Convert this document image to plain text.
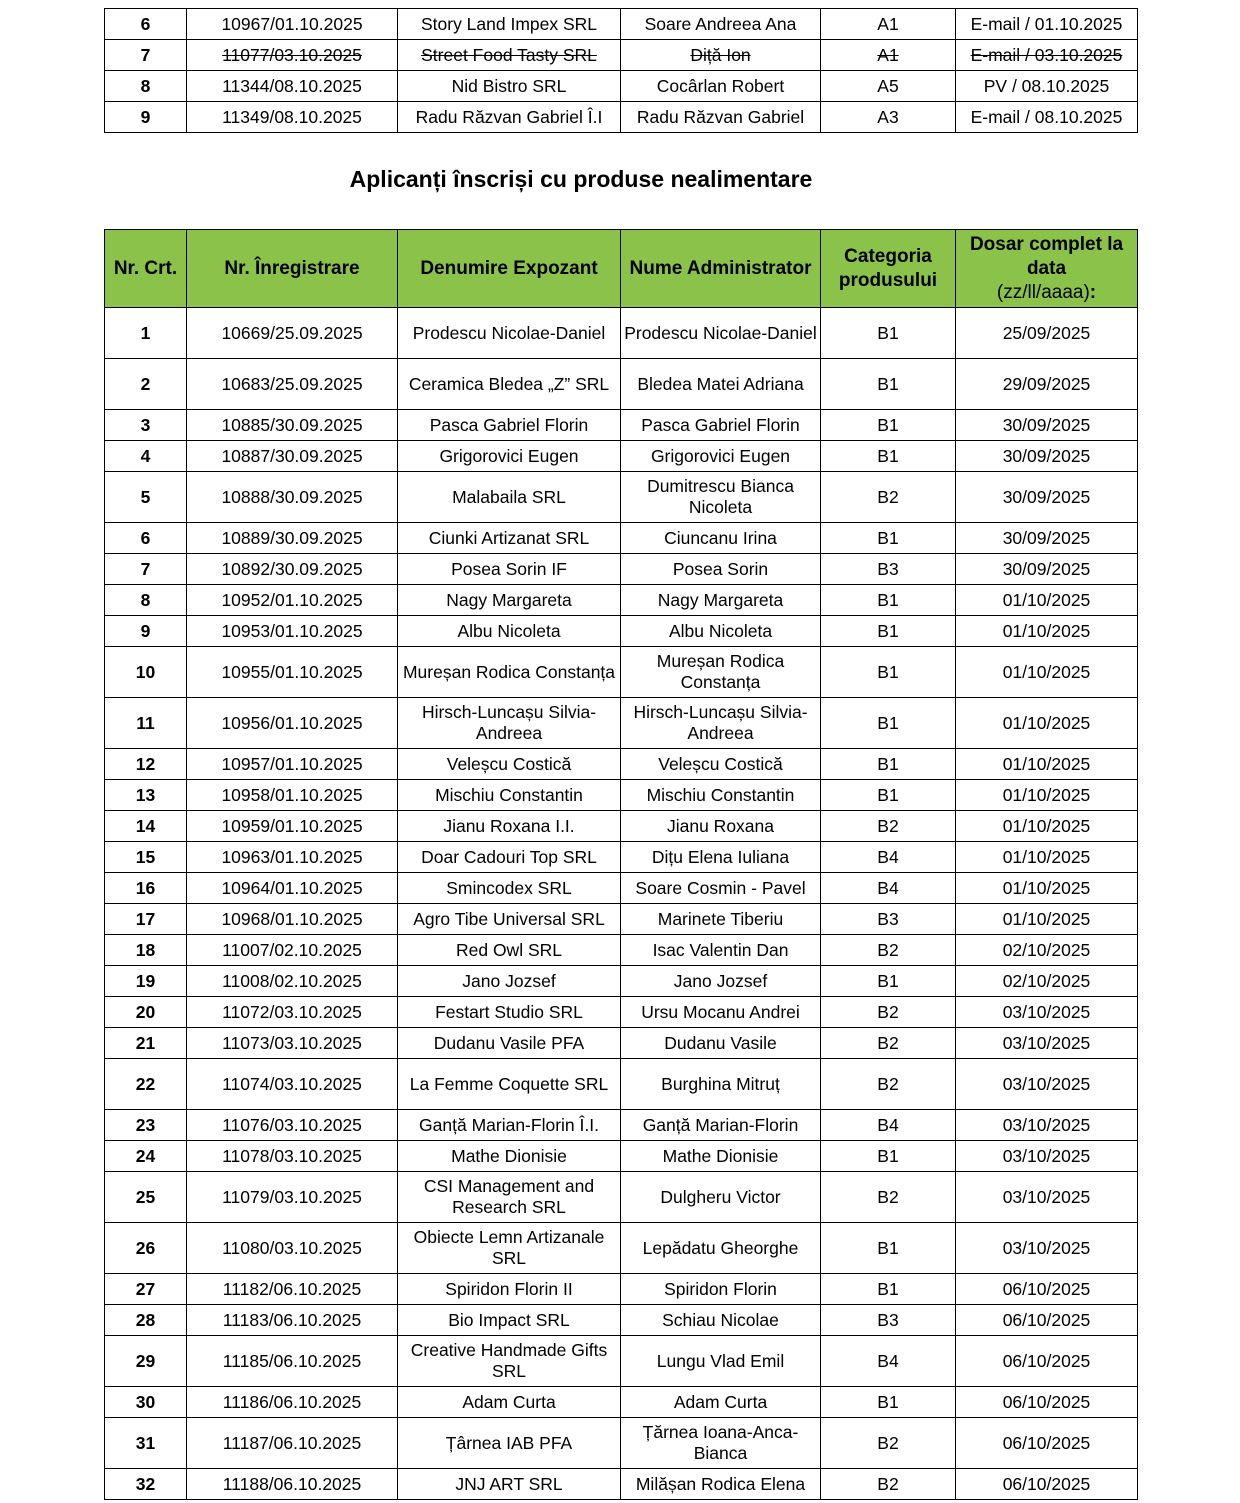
6	10967/01.10.2025	Story Land Impex SRL	Soare Andreea Ana	A1	E-mail / 01.10.2025
7	11077/03.10.2025	Street Food Tasty SRL	Diță Ion	A1	E-mail / 03.10.2025
8	11344/08.10.2025	Nid Bistro SRL	Cocârlan Robert	A5	PV / 08.10.2025
9	11349/08.10.2025	Radu Răzvan Gabriel Î.I	Radu Răzvan Gabriel	A3	E-mail / 08.10.2025
Aplicanți înscriși cu produse nealimentare
Nr. Crt.	Nr. Înregistrare	Denumire Expozant	Nume Administrator	Categoria produsului	Dosar complet la data
(zz/ll/aaaa):
1	10669/25.09.2025	Prodescu Nicolae-Daniel	Prodescu Nicolae-Daniel	B1	25/09/2025
2	10683/25.09.2025	Ceramica Bledea „Z” SRL	Bledea Matei Adriana	B1	29/09/2025
3	10885/30.09.2025	Pasca Gabriel Florin	Pasca Gabriel Florin	B1	30/09/2025
4	10887/30.09.2025	Grigorovici Eugen	Grigorovici Eugen	B1	30/09/2025
5	10888/30.09.2025	Malabaila SRL	Dumitrescu Bianca Nicoleta	B2	30/09/2025
6	10889/30.09.2025	Ciunki Artizanat SRL	Ciuncanu Irina	B1	30/09/2025
7	10892/30.09.2025	Posea Sorin IF	Posea Sorin	B3	30/09/2025
8	10952/01.10.2025	Nagy Margareta	Nagy Margareta	B1	01/10/2025
9	10953/01.10.2025	Albu Nicoleta	Albu Nicoleta	B1	01/10/2025
10	10955/01.10.2025	Mureșan Rodica Constanța	Mureșan Rodica Constanța	B1	01/10/2025
11	10956/01.10.2025	Hirsch-Luncașu Silvia-Andreea	Hirsch-Luncașu Silvia-Andreea	B1	01/10/2025
12	10957/01.10.2025	Veleșcu Costică	Veleșcu Costică	B1	01/10/2025
13	10958/01.10.2025	Mischiu Constantin	Mischiu Constantin	B1	01/10/2025
14	10959/01.10.2025	Jianu Roxana I.I.	Jianu Roxana	B2	01/10/2025
15	10963/01.10.2025	Doar Cadouri Top SRL	Dițu Elena Iuliana	B4	01/10/2025
16	10964/01.10.2025	Smincodex SRL	Soare Cosmin - Pavel	B4	01/10/2025
17	10968/01.10.2025	Agro Tibe Universal SRL	Marinete Tiberiu	B3	01/10/2025
18	11007/02.10.2025	Red Owl SRL	Isac Valentin Dan	B2	02/10/2025
19	11008/02.10.2025	Jano Jozsef	Jano Jozsef	B1	02/10/2025
20	11072/03.10.2025	Festart Studio SRL	Ursu Mocanu Andrei	B2	03/10/2025
21	11073/03.10.2025	Dudanu Vasile PFA	Dudanu Vasile	B2	03/10/2025
22	11074/03.10.2025	La Femme Coquette SRL	Burghina Mitruț	B2	03/10/2025
23	11076/03.10.2025	Ganță Marian-Florin Î.I.	Ganță Marian-Florin	B4	03/10/2025
24	11078/03.10.2025	Mathe Dionisie	Mathe Dionisie	B1	03/10/2025
25	11079/03.10.2025	CSI Management and Research SRL	Dulgheru Victor	B2	03/10/2025
26	11080/03.10.2025	Obiecte Lemn Artizanale SRL	Lepădatu Gheorghe	B1	03/10/2025
27	11182/06.10.2025	Spiridon Florin II	Spiridon Florin	B1	06/10/2025
28	11183/06.10.2025	Bio Impact SRL	Schiau Nicolae	B3	06/10/2025
29	11185/06.10.2025	Creative Handmade Gifts SRL	Lungu Vlad Emil	B4	06/10/2025
30	11186/06.10.2025	Adam Curta	Adam Curta	B1	06/10/2025
31	11187/06.10.2025	Țârnea IAB PFA	Țărnea Ioana-Anca-Bianca	B2	06/10/2025
32	11188/06.10.2025	JNJ ART SRL	Milășan Rodica Elena	B2	06/10/2025
